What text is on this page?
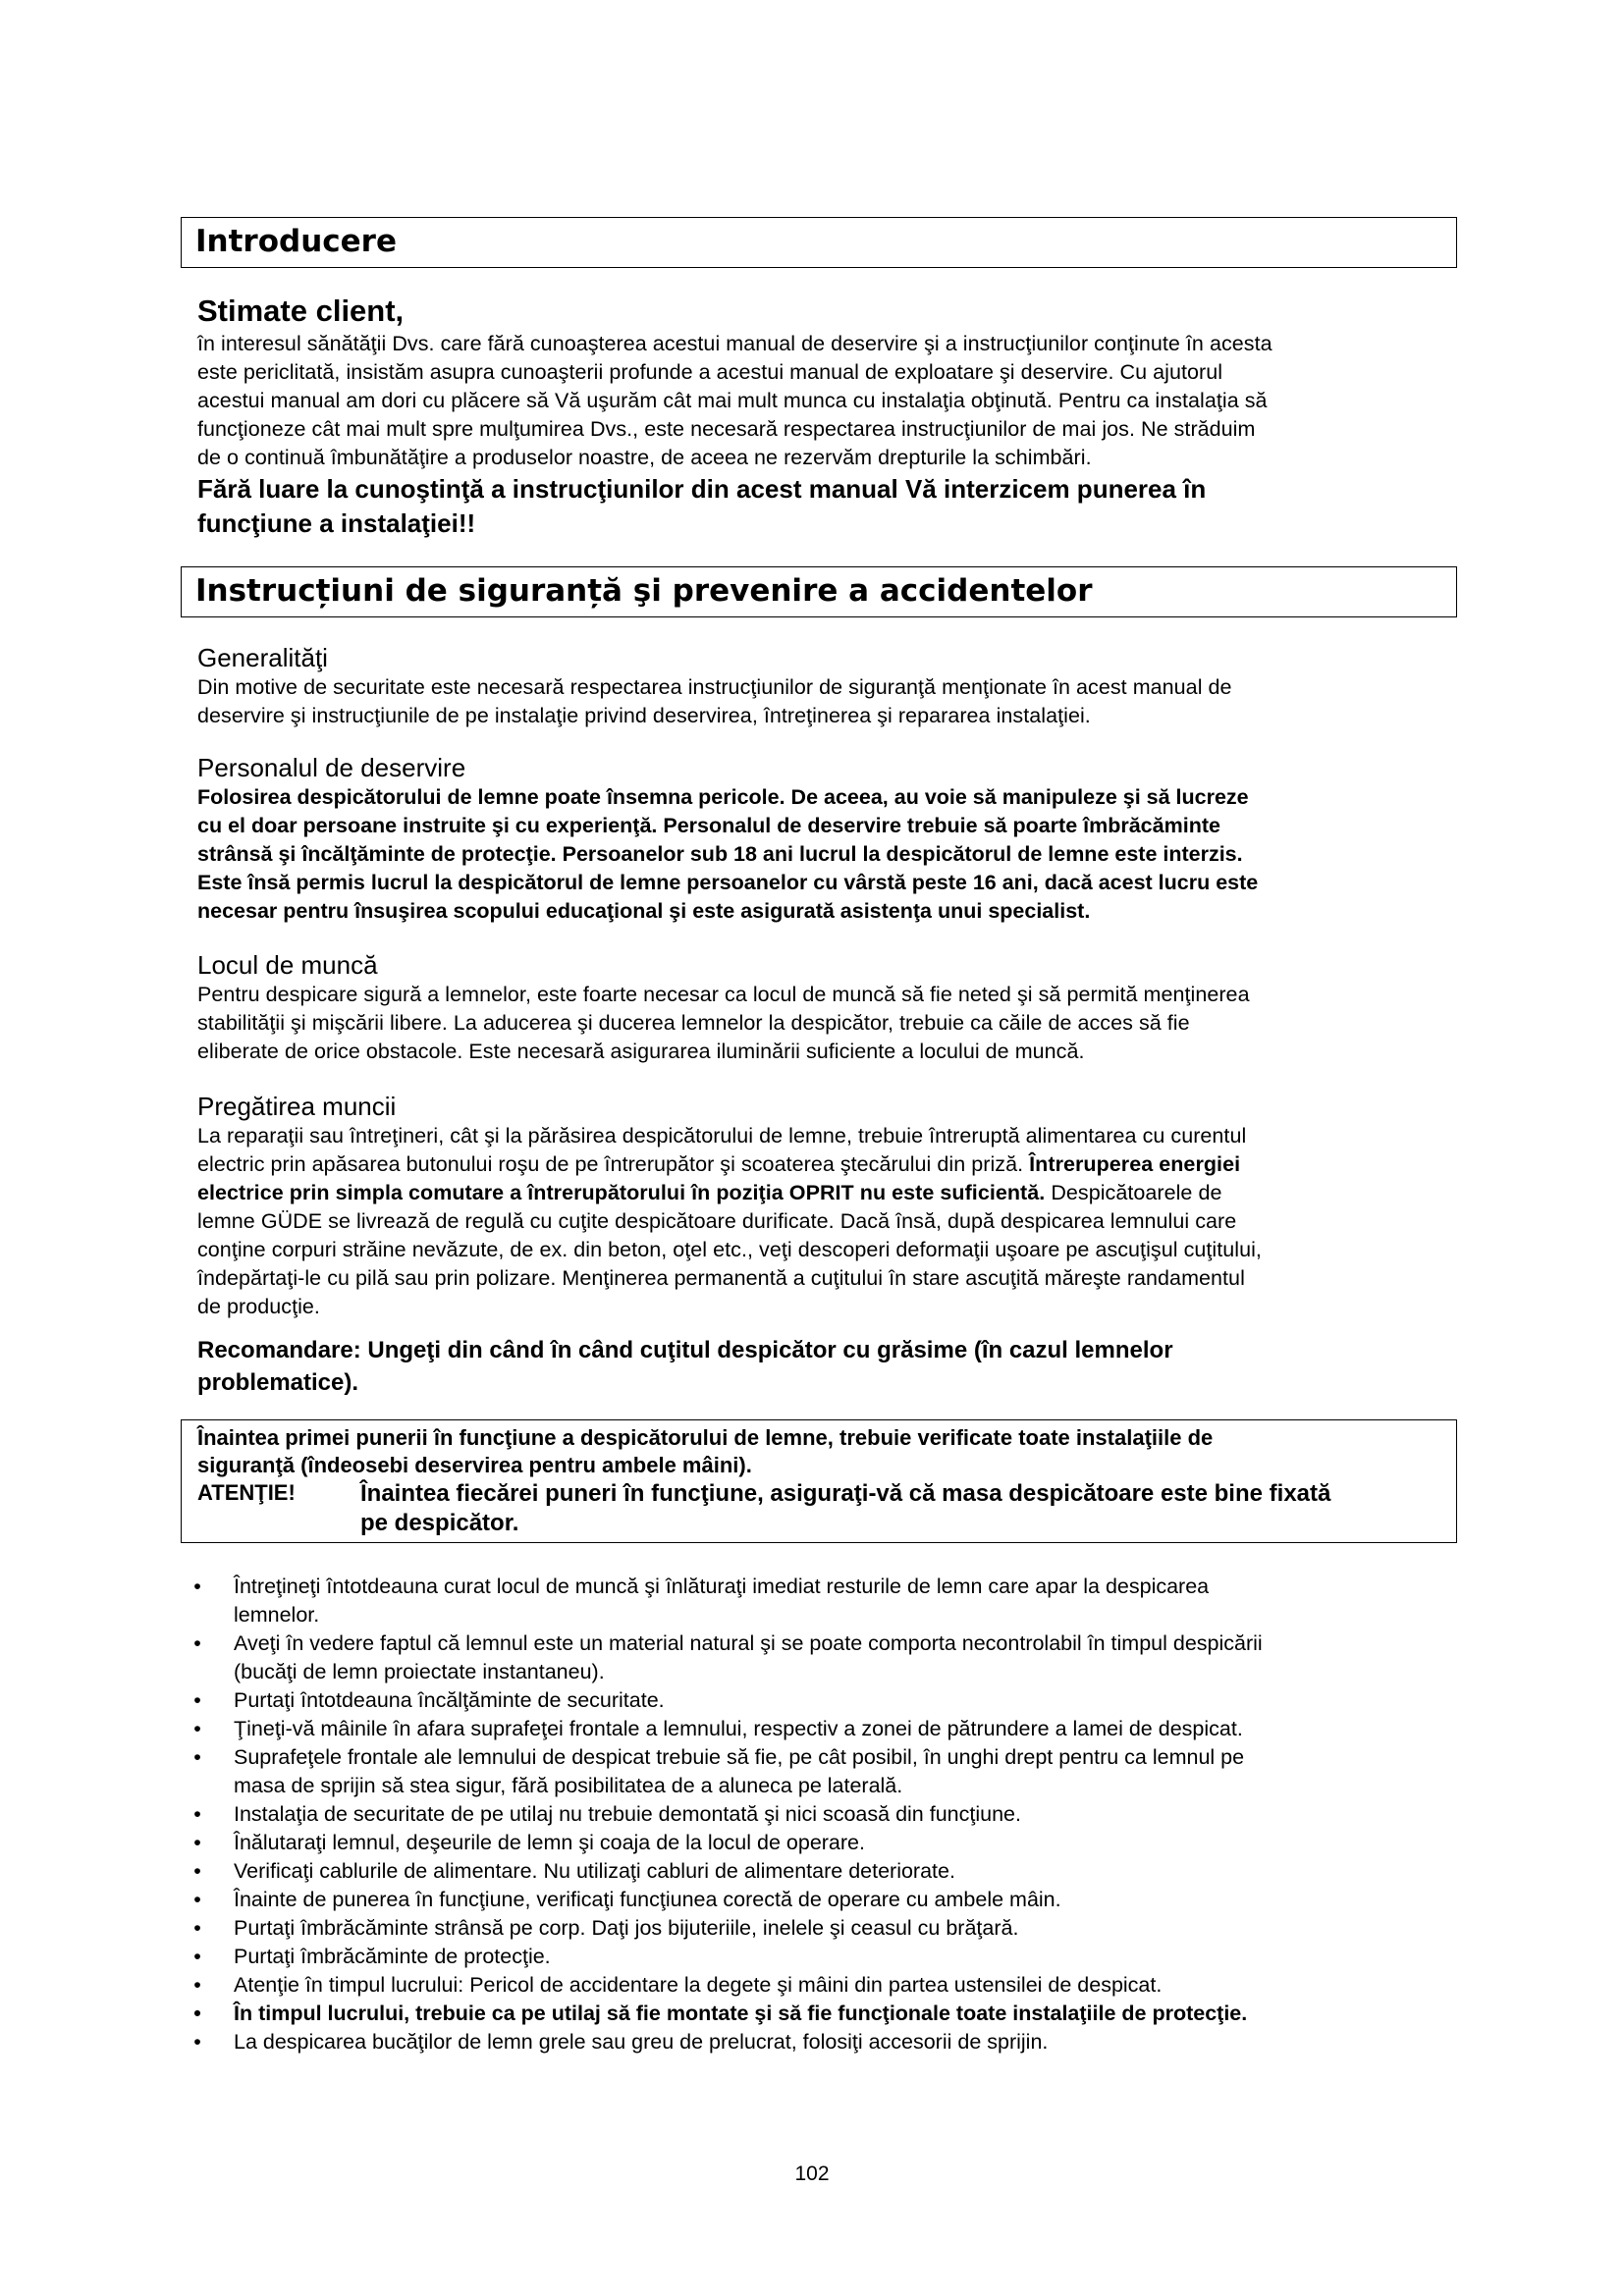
Introducere

Stimate client,

în interesul sănătăţii Dvs. care fără cunoaşterea acestui manual de deservire şi a instrucţiunilor conţinute în acesta

este periclitată, insistăm asupra cunoaşterii profunde a acestui manual de exploatare şi deservire. Cu ajutorul

acestui manual am dori cu plăcere să Vă uşurăm cât mai mult munca cu instalaţia obţinută. Pentru ca instalaţia să

funcţioneze cât mai mult spre mulţumirea Dvs., este necesară respectarea instrucţiunilor de mai jos. Ne străduim

de o continuă îmbunătăţire a produselor noastre, de aceea ne rezervăm drepturile la schimbări.

Fără luare la cunoştinţă a instrucţiunilor din acest manual Vă interzicem punerea în

funcţiune a instalaţiei!!

Instrucțiuni de siguranță şi prevenire a accidentelor

Generalităţi

Din motive de securitate este necesară respectarea instrucţiunilor de siguranţă menţionate în acest manual de

deservire şi instrucţiunile de pe instalaţie privind deservirea, întreţinerea şi repararea instalaţiei.

Personalul de deservire

Folosirea despicătorului de lemne poate însemna pericole. De aceea, au voie să manipuleze şi să lucreze

cu el doar persoane instruite şi cu experienţă. Personalul de deservire trebuie să poarte îmbrăcăminte

strânsă şi încălţăminte de protecţie. Persoanelor sub 18 ani lucrul la despicătorul de lemne este interzis.

Este însă permis lucrul la despicătorul de lemne persoanelor cu vârstă peste 16 ani, dacă acest lucru este

necesar pentru însuşirea scopului educaţional şi este asigurată asistenţa unui specialist.

Locul de muncă

Pentru despicare sigură a lemnelor, este foarte necesar ca locul de muncă să fie neted şi să permită menţinerea

stabilităţii şi mişcării libere. La aducerea şi ducerea lemnelor la despicător, trebuie ca căile de acces să fie

eliberate de orice obstacole. Este necesară asigurarea iluminării suficiente a locului de muncă.

Pregătirea muncii

La reparaţii sau întreţineri, cât şi la părăsirea despicătorului de lemne, trebuie întreruptă alimentarea cu curentul

electric prin apăsarea butonului roşu de pe întrerupător şi scoaterea ştecărului din priză. Întreruperea energiei

electrice prin simpla comutare a întrerupătorului în poziţia OPRIT nu este suficientă. Despicătoarele de

lemne GÜDE se livrează de regulă cu cuţite despicătoare durificate. Dacă însă, după despicarea lemnului care

conţine corpuri străine nevăzute, de ex. din beton, oţel etc., veţi descoperi deformaţii uşoare pe ascuţişul cuţitului,

îndepărtaţi-le cu pilă sau prin polizare. Menţinerea permanentă a cuţitului în stare ascuţită măreşte randamentul

de producţie.

Recomandare: Ungeţi din când în când cuţitul despicător cu grăsime (în cazul lemnelor

problematice).

Înaintea primei punerii în funcţiune a despicătorului de lemne, trebuie verificate toate instalaţiile de

siguranţă (îndeosebi deservirea pentru ambele mâini).

ATENŢIE!	Înaintea fiecărei puneri în funcţiune, asiguraţi-vă că masa despicătoare este bine fixată
pe despicător.
• Întreţineţi întotdeauna curat locul de muncă şi înlăturaţi imediat resturile de lemn care apar la despicarea
lemnelor.
• Aveţi în vedere faptul că lemnul este un material natural şi se poate comporta necontrolabil în timpul despicării
(bucăţi de lemn proiectate instantaneu).
• Purtaţi întotdeauna încălţăminte de securitate.
• Ţineţi-vă mâinile în afara suprafeţei frontale a lemnului, respectiv a zonei de pătrundere a lamei de despicat.
• Suprafeţele frontale ale lemnului de despicat trebuie să fie, pe cât posibil, în unghi drept pentru ca lemnul pe
masa de sprijin să stea sigur, fără posibilitatea de a aluneca pe laterală.
• Instalaţia de securitate de pe utilaj nu trebuie demontată şi nici scoasă din funcţiune.
• Înălutaraţi lemnul, deşeurile de lemn şi coaja de la locul de operare.
• Verificaţi cablurile de alimentare. Nu utilizaţi cabluri de alimentare deteriorate.
• Înainte de punerea în funcţiune, verificaţi funcţiunea corectă de operare cu ambele mâin.
• Purtaţi îmbrăcăminte strânsă pe corp. Daţi jos bijuteriile, inelele şi ceasul cu brăţară.
• Purtaţi îmbrăcăminte de protecţie.
• Atenţie în timpul lucrului: Pericol de accidentare la degete şi mâini din partea ustensilei de despicat.
• În timpul lucrului, trebuie ca pe utilaj să fie montate şi să fie funcţionale toate instalaţiile de protecţie.
• La despicarea bucăţilor de lemn grele sau greu de prelucrat, folosiţi accesorii de sprijin.
102
